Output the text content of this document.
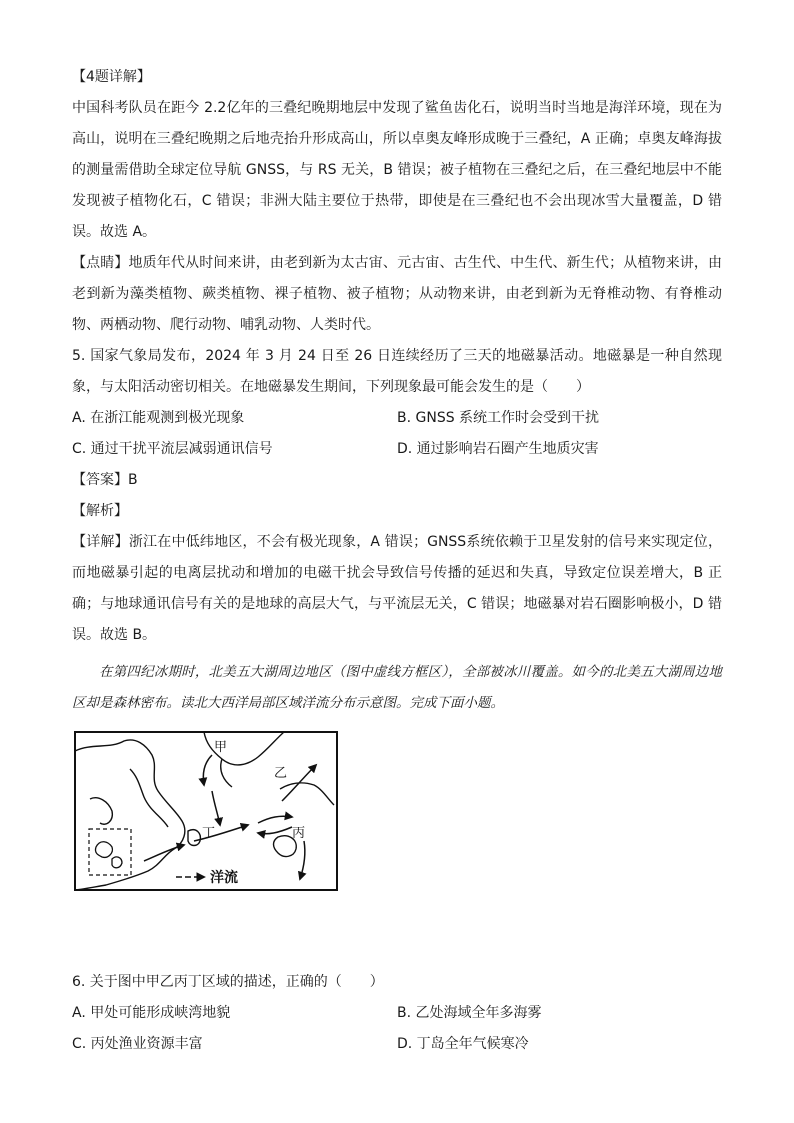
【4题详解】

中国科考队员在距今 2.2亿年的三叠纪晚期地层中发现了鲨鱼齿化石，说明当时当地是海洋环境，现在为高山，说明在三叠纪晚期之后地壳抬升形成高山，所以卓奥友峰形成晚于三叠纪，A 正确；卓奥友峰海拔的测量需借助全球定位导航 GNSS，与 RS 无关，B 错误；被子植物在三叠纪之后，在三叠纪地层中不能发现被子植物化石，C 错误；非洲大陆主要位于热带，即使是在三叠纪也不会出现冰雪大量覆盖，D 错误。故选 A。

【点睛】地质年代从时间来讲，由老到新为太古宙、元古宙、古生代、中生代、新生代；从植物来讲，由老到新为藻类植物、蕨类植物、裸子植物、被子植物；从动物来讲，由老到新为无脊椎动物、有脊椎动物、两栖动物、爬行动物、哺乳动物、人类时代。

5. 国家气象局发布，2024 年 3 月 24 日至 26 日连续经历了三天的地磁暴活动。地磁暴是一种自然现象，与太阳活动密切相关。在地磁暴发生期间，下列现象最可能会发生的是（　　）

A. 在浙江能观测到极光现象	B. GNSS 系统工作时会受到干扰
C. 通过干扰平流层减弱通讯信号	D. 通过影响岩石圈产生地质灾害

【答案】B

【解析】

【详解】浙江在中低纬地区，不会有极光现象，A 错误；GNSS系统依赖于卫星发射的信号来实现定位，而地磁暴引起的电离层扰动和增加的电磁干扰会导致信号传播的延迟和失真，导致定位误差增大，B 正确；与地球通讯信号有关的是地球的高层大气，与平流层无关，C 错误；地磁暴对岩石圈影响极小，D 错误。故选 B。

在第四纪冰期时，北美五大湖周边地区（图中虚线方框区），全部被冰川覆盖。如今的北美五大湖周边地区却是森林密布。读北大西洋局部区域洋流分布示意图。完成下面小题。

甲
乙
丙
丁
洋流

6. 关于图中甲乙丙丁区域的描述，正确的（　　）

A. 甲处可能形成峡湾地貌	B. 乙处海域全年多海雾
C. 丙处渔业资源丰富	D. 丁岛全年气候寒冷
